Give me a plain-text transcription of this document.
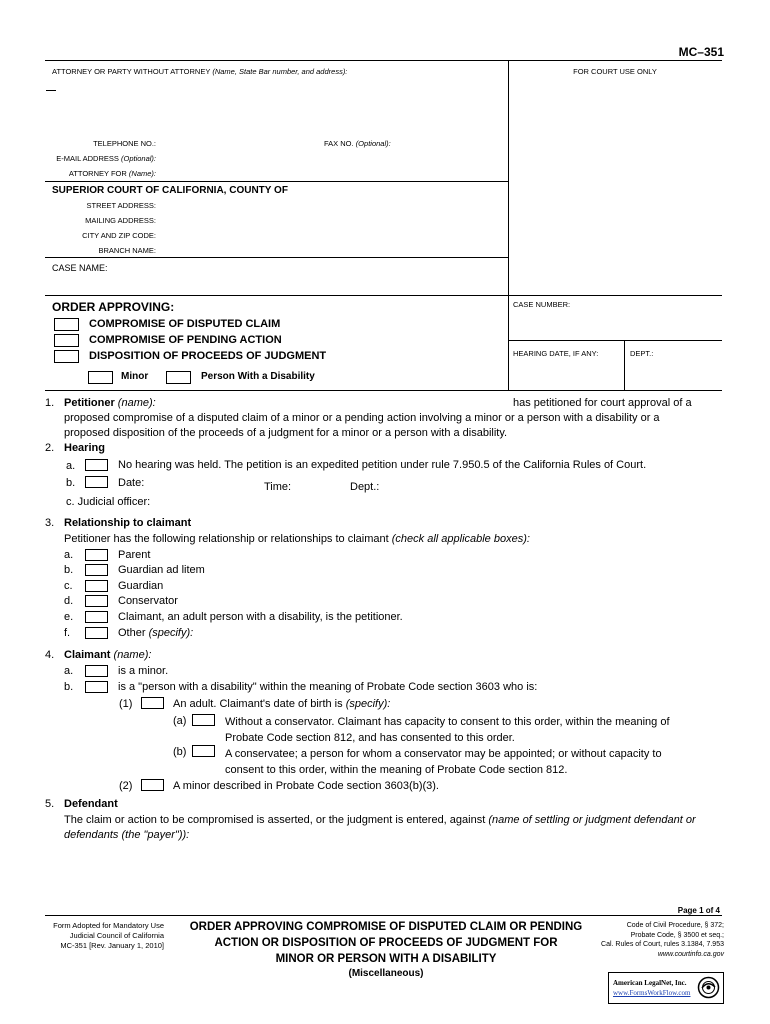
MC–351
ATTORNEY OR PARTY WITHOUT ATTORNEY (Name, State Bar number, and address):	FOR COURT USE ONLY
TELEPHONE NO.:	FAX NO. (Optional):
E-MAIL ADDRESS (Optional):
ATTORNEY FOR (Name):
SUPERIOR COURT OF CALIFORNIA, COUNTY OF
STREET ADDRESS:
MAILING ADDRESS:
CITY AND ZIP CODE:
BRANCH NAME:
CASE NAME:
ORDER APPROVING:
COMPROMISE OF DISPUTED CLAIM
COMPROMISE OF PENDING ACTION
DISPOSITION OF PROCEEDS OF JUDGMENT
Minor	Person With a Disability
CASE NUMBER:
HEARING DATE, IF ANY:	DEPT.:
1. Petitioner (name):	has petitioned for court approval of a
proposed compromise of a disputed claim of a minor or a pending action involving a minor or a person with a disability or a
proposed disposition of the proceeds of a judgment for a minor or a person with a disability.
2. Hearing
a.	No hearing was held. The petition is an expedited petition under rule 7.950.5 of the California Rules of Court.
b.	Date:	Time:	Dept.:
c. Judicial officer:
3. Relationship to claimant
Petitioner has the following relationship or relationships to claimant (check all applicable boxes):
a.	Parent
b.	Guardian ad litem
c.	Guardian
d.	Conservator
e.	Claimant, an adult person with a disability, is the petitioner.
f.	Other (specify):
4. Claimant (name):
a.	is a minor.
b.	is a "person with a disability" within the meaning of Probate Code section 3603 who is:
(1)	An adult. Claimant's date of birth is (specify):
(a)	Without a conservator. Claimant has capacity to consent to this order, within the meaning of
Probate Code section 812, and has consented to this order.
(b)	A conservatee; a person for whom a conservator may be appointed; or without capacity to
consent to this order, within the meaning of Probate Code section 812.
(2)	A minor described in Probate Code section 3603(b)(3).
5. Defendant
The claim or action to be compromised is asserted, or the judgment is entered, against (name of settling or judgment defendant or
defendants (the "payer")):
Page 1 of 4
Form Adopted for Mandatory Use
Judicial Council of California
MC-351 [Rev. January 1, 2010]
ORDER APPROVING COMPROMISE OF DISPUTED CLAIM OR PENDING
ACTION OR DISPOSITION OF PROCEEDS OF JUDGMENT FOR
MINOR OR PERSON WITH A DISABILITY
(Miscellaneous)
Code of Civil Procedure, § 372;
Probate Code, § 3500 et seq.;
Cal. Rules of Court, rules 3.1384, 7.953
www.courtinfo.ca.gov
American LegalNet, Inc.
www.FormsWorkFlow.com
